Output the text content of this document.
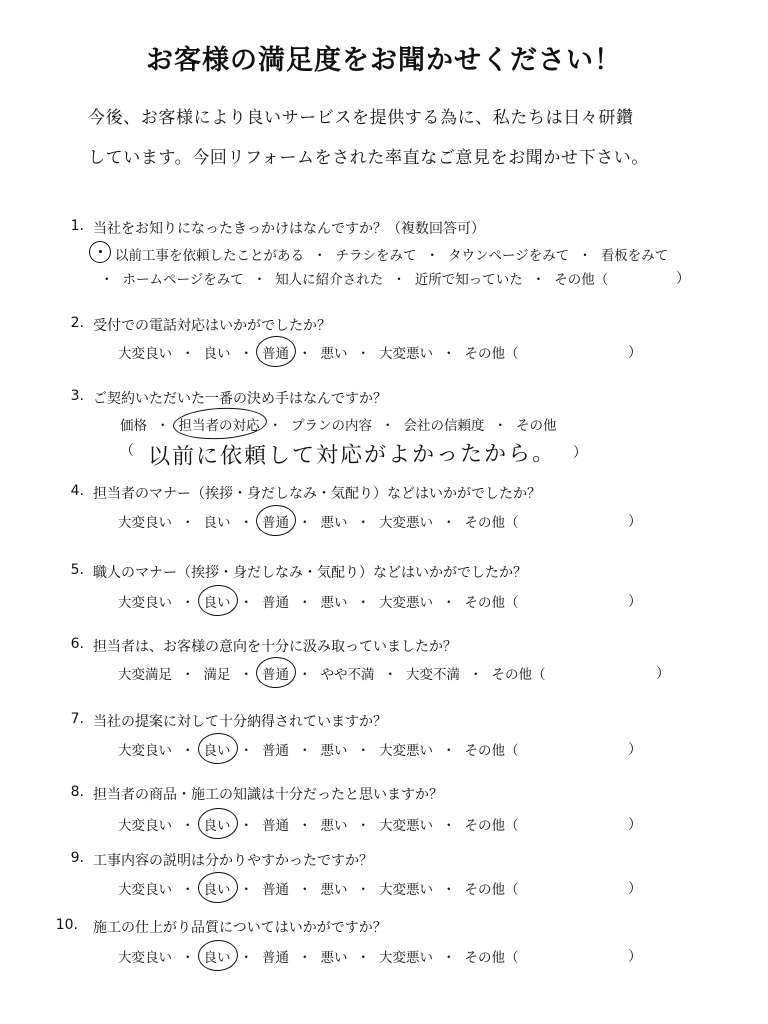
お客様の満足度をお聞かせください！
今後、お客様により良いサービスを提供する為に、私たちは日々研鑽
しています。今回リフォームをされた率直なご意見をお聞かせ下さい。
1. 当社をお知りになったきっかけはなんですか？（複数回答可）
以前工事を依頼したことがある ・ チラシをみて ・ タウンページをみて ・ 看板をみて
・ ホームページをみて ・ 知人に紹介された ・ 近所で知っていた ・ その他（	）
2. 受付での電話対応はいかがでしたか？
大変良い ・ 良い ・ 普通 ・ 悪い ・ 大変悪い ・ その他（	）
3. ご契約いただいた一番の決め手はなんですか？
価格 ・ 担当者の対応 ・ プランの内容 ・ 会社の信頼度 ・ その他
（ 以前に依頼して対応がよかったから。 ）
4. 担当者のマナー（挨拶・身だしなみ・気配り）などはいかがでしたか？
大変良い ・ 良い ・ 普通 ・ 悪い ・ 大変悪い ・ その他（	）
5. 職人のマナー（挨拶・身だしなみ・気配り）などはいかがでしたか？
大変良い ・ 良い ・ 普通 ・ 悪い ・ 大変悪い ・ その他（	）
6. 担当者は、お客様の意向を十分に汲み取っていましたか？
大変満足 ・ 満足 ・ 普通 ・ やや不満 ・ 大変不満 ・ その他（	）
7. 当社の提案に対して十分納得されていますか？
大変良い ・ 良い ・ 普通 ・ 悪い ・ 大変悪い ・ その他（	）
8. 担当者の商品・施工の知識は十分だったと思いますか？
大変良い ・ 良い ・ 普通 ・ 悪い ・ 大変悪い ・ その他（	）
9. 工事内容の説明は分かりやすかったですか？
大変良い ・ 良い ・ 普通 ・ 悪い ・ 大変悪い ・ その他（	）
10. 施工の仕上がり品質についてはいかがですか？
大変良い ・ 良い ・ 普通 ・ 悪い ・ 大変悪い ・ その他（	）
